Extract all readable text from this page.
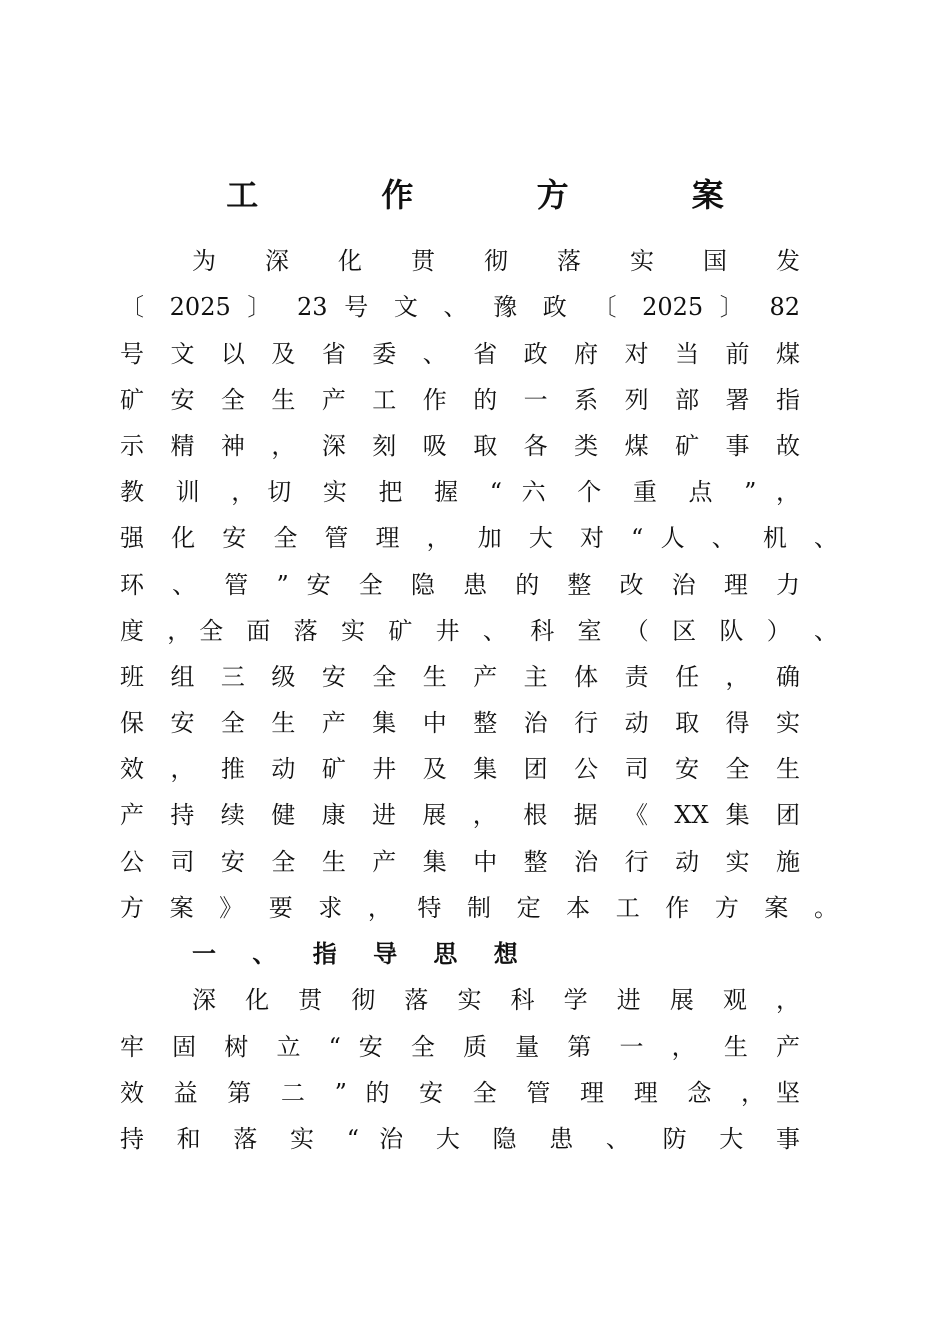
工 作 方 案
为 深 化 贯 彻 落 实 国 发
〔 2025 〕 23 号 文 、 豫 政 〔 2025 〕 82
号 文 以 及 省 委 、 省 政 府 对 当 前 煤
矿 安 全 生 产 工 作 的 一 系 列 部 署 指
示 精 神 ， 深 刻 吸 取 各 类 煤 矿 事 故
教 训 ，切 实 把 握 “ 六 个 重 点 ” ，
强 化 安 全 管 理 ， 加 大 对 “ 人 、 机 、
环 、 管 ” 安 全 隐 患 的 整 改 治 理 力
度 ，全 面 落 实 矿 井 、 科 室 （ 区 队 ） 、
班 组 三 级 安 全 生 产 主 体 责 任 ， 确
保 安 全 生 产 集 中 整 治 行 动 取 得 实
效 ， 推 动 矿 井 及 集 团 公 司 安 全 生
产 持 续 健 康 进 展 ， 根 据 《 XX 集 团
公 司 安 全 生 产 集 中 整 治 行 动 实 施
方 案 》 要 求 ， 特 制 定 本 工 作 方 案 。
一 、 指 导 思 想
深 化 贯 彻 落 实 科 学 进 展 观 ，
牢 固 树 立 “ 安 全 质 量 第 一 ， 生 产
效 益 第 二 ” 的 安 全 管 理 理 念 ，坚
持 和 落 实 “ 治 大 隐 患 、 防 大 事
